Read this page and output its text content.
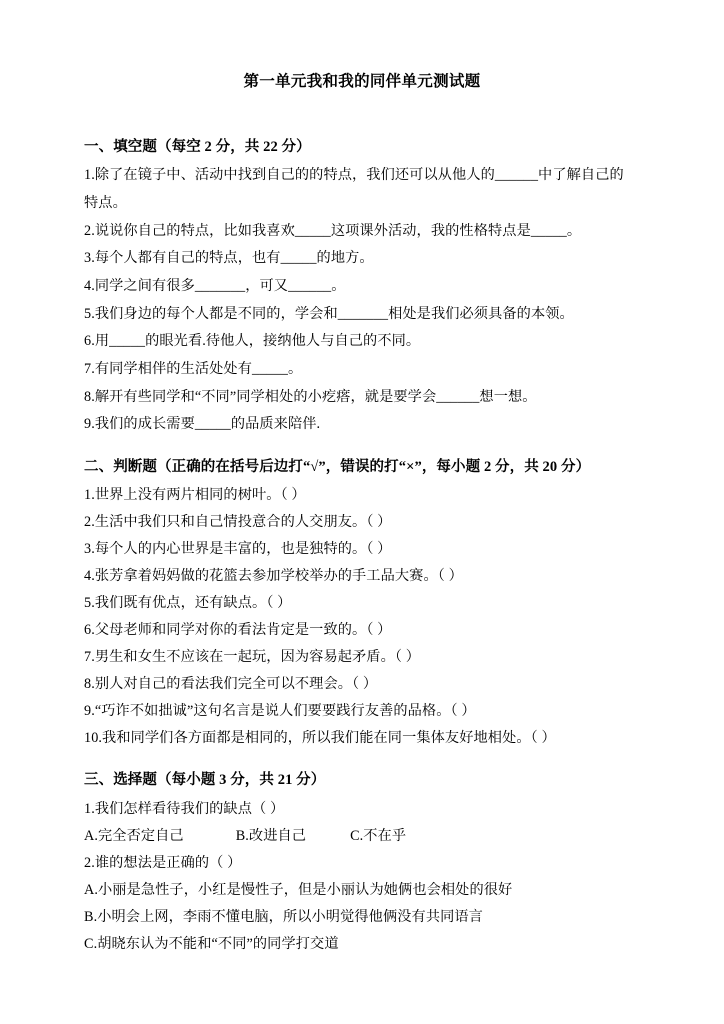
第一单元我和我的同伴单元测试题
一、填空题（每空 2 分，共 22 分）

1.除了在镜子中、活动中找到自己的的特点，我们还可以从他人的______中了解自己的

特点。

2.说说你自己的特点，比如我喜欢_____这项课外活动，我的性格特点是_____。

3.每个人都有自己的特点，也有_____的地方。

4.同学之间有很多_______，可又______。

5.我们身边的每个人都是不同的，学会和_______相处是我们必须具备的本领。

6.用_____的眼光看.待他人，接纳他人与自己的不同。

7.有同学相伴的生活处处有_____。

8.解开有些同学和“不同”同学相处的小疙瘩，就是要学会______想一想。

9.我们的成长需要_____的品质来陪伴.

二、判断题（正确的在括号后边打“√”，错误的打“×”，每小题 2 分，共 20 分）

1.世界上没有两片相同的树叶。（ ）

2.生活中我们只和自己情投意合的人交朋友。（ ）

3.每个人的内心世界是丰富的，也是独特的。（ ）

4.张芳拿着妈妈做的花篮去参加学校举办的手工品大赛。（ ）

5.我们既有优点，还有缺点。（ ）

6.父母老师和同学对你的看法肯定是一致的。（ ）

7.男生和女生不应该在一起玩，因为容易起矛盾。（ ）

8.别人对自己的看法我们完全可以不理会。（ ）

9.“巧诈不如拙诚”这句名言是说人们要要践行友善的品格。（ ）

10.我和同学们各方面都是相同的，所以我们能在同一集体友好地相处。（ ）

三、选择题（每小题 3 分，共 21 分）

1.我们怎样看待我们的缺点（ ）

A.完全否定自己	B.改进自己	C.不在乎

2.谁的想法是正确的（ ）

A.小丽是急性子，小红是慢性子，但是小丽认为她俩也会相处的很好

B.小明会上网，李雨不懂电脑，所以小明觉得他俩没有共同语言

C.胡晓东认为不能和“不同”的同学打交道
